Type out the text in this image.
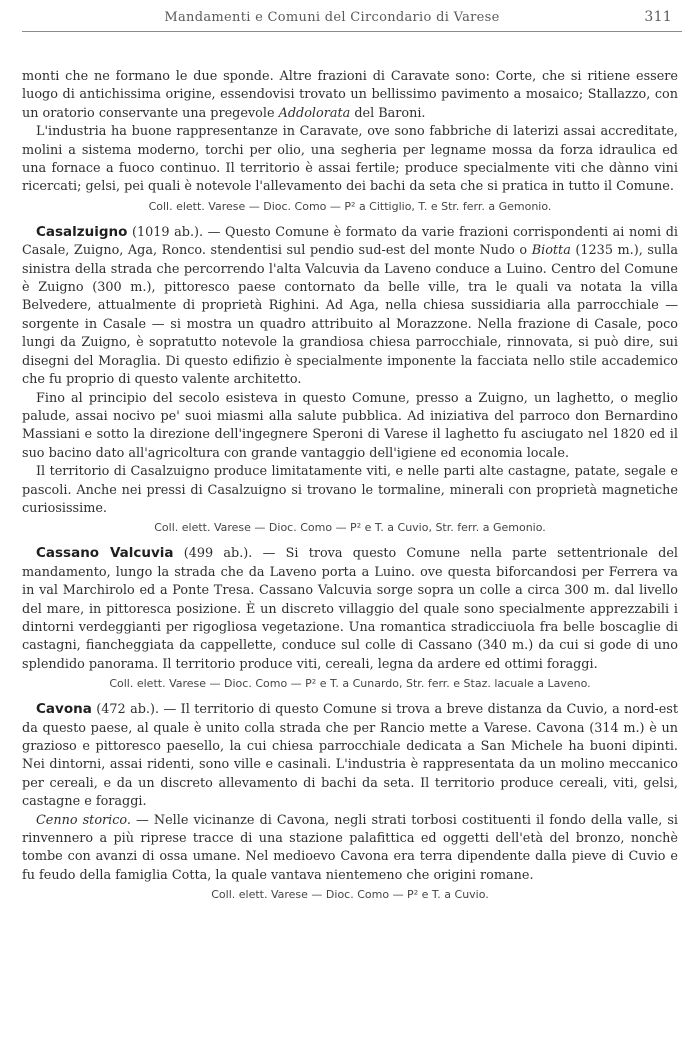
Mandamenti e Comuni del Circondario di Varese	311

monti che ne formano le due sponde. Altre frazioni di Caravate sono: Corte, che si ritiene essere luogo di antichissima origine, essendovisi trovato un bellissimo pavimento a mosaico; Stallazzo, con un oratorio conservante una pregevole Addolorata del Baroni.

L'industria ha buone rappresentanze in Caravate, ove sono fabbriche di laterizi assai accreditate, molini a sistema moderno, torchi per olio, una segheria per legname mossa da forza idraulica ed una fornace a fuoco continuo. Il territorio è assai fertile; produce specialmente viti che dànno vini ricercati; gelsi, pei quali è notevole l'allevamento dei bachi da seta che si pratica in tutto il Comune.

Coll. elett. Varese — Dioc. Como — P² a Cittiglio, T. e Str. ferr. a Gemonio.

Casalzuigno (1019 ab.). — Questo Comune è formato da varie frazioni corrispondenti ai nomi di Casale, Zuigno, Aga, Ronco. stendentisi sul pendio sud-est del monte Nudo o Biotta (1235 m.), sulla sinistra della strada che percorrendo l'alta Valcuvia da Laveno conduce a Luino. Centro del Comune è Zuigno (300 m.), pittoresco paese contornato da belle ville, tra le quali va notata la villa Belvedere, attualmente di proprietà Righini. Ad Aga, nella chiesa sussidiaria alla parrocchiale — sorgente in Casale — si mostra un quadro attribuito al Morazzone. Nella frazione di Casale, poco lungi da Zuigno, è sopratutto notevole la grandiosa chiesa parrocchiale, rinnovata, si può dire, sui disegni del Moraglia. Di questo edifizio è specialmente imponente la facciata nello stile accademico che fu proprio di questo valente architetto.

Fino al principio del secolo esisteva in questo Comune, presso a Zuigno, un laghetto, o meglio palude, assai nocivo pe' suoi miasmi alla salute pubblica. Ad iniziativa del parroco don Bernardino Massiani e sotto la direzione dell'ingegnere Speroni di Varese il laghetto fu asciugato nel 1820 ed il suo bacino dato all'agricoltura con grande vantaggio dell'igiene ed economia locale.

Il territorio di Casalzuigno produce limitatamente viti, e nelle parti alte castagne, patate, segale e pascoli. Anche nei pressi di Casalzuigno si trovano le tormaline, minerali con proprietà magnetiche curiosissime.

Coll. elett. Varese — Dioc. Como — P² e T. a Cuvio, Str. ferr. a Gemonio.

Cassano Valcuvia (499 ab.). — Si trova questo Comune nella parte settentrionale del mandamento, lungo la strada che da Laveno porta a Luino. ove questa biforcandosi per Ferrera va in val Marchirolo ed a Ponte Tresa. Cassano Valcuvia sorge sopra un colle a circa 300 m. dal livello del mare, in pittoresca posizione. È un discreto villaggio del quale sono specialmente apprezzabili i dintorni verdeggianti per rigogliosa vegetazione. Una romantica stradicciuola fra belle boscaglie di castagni, fiancheggiata da cappellette, conduce sul colle di Cassano (340 m.) da cui si gode di uno splendido panorama. Il territorio produce viti, cereali, legna da ardere ed ottimi foraggi.

Coll. elett. Varese — Dioc. Como — P² e T. a Cunardo, Str. ferr. e Staz. lacuale a Laveno.

Cavona (472 ab.). — Il territorio di questo Comune si trova a breve distanza da Cuvio, a nord-est da questo paese, al quale è unito colla strada che per Rancio mette a Varese. Cavona (314 m.) è un grazioso e pittoresco paesello, la cui chiesa parrocchiale dedicata a San Michele ha buoni dipinti. Nei dintorni, assai ridenti, sono ville e casinali. L'industria è rappresentata da un molino meccanico per cereali, e da un discreto allevamento di bachi da seta. Il territorio produce cereali, viti, gelsi, castagne e foraggi.

Cenno storico. — Nelle vicinanze di Cavona, negli strati torbosi costituenti il fondo della valle, si rinvennero a più riprese tracce di una stazione palafitticа ed oggetti dell'età del bronzo, nonchè tombe con avanzi di ossa umane. Nel medioevo Cavona era terra dipendente dalla pieve di Cuvio e fu feudo della famiglia Cotta, la quale vantava nientemeno che origini romane.

Coll. elett. Varese — Dioc. Como — P² e T. a Cuvio.
